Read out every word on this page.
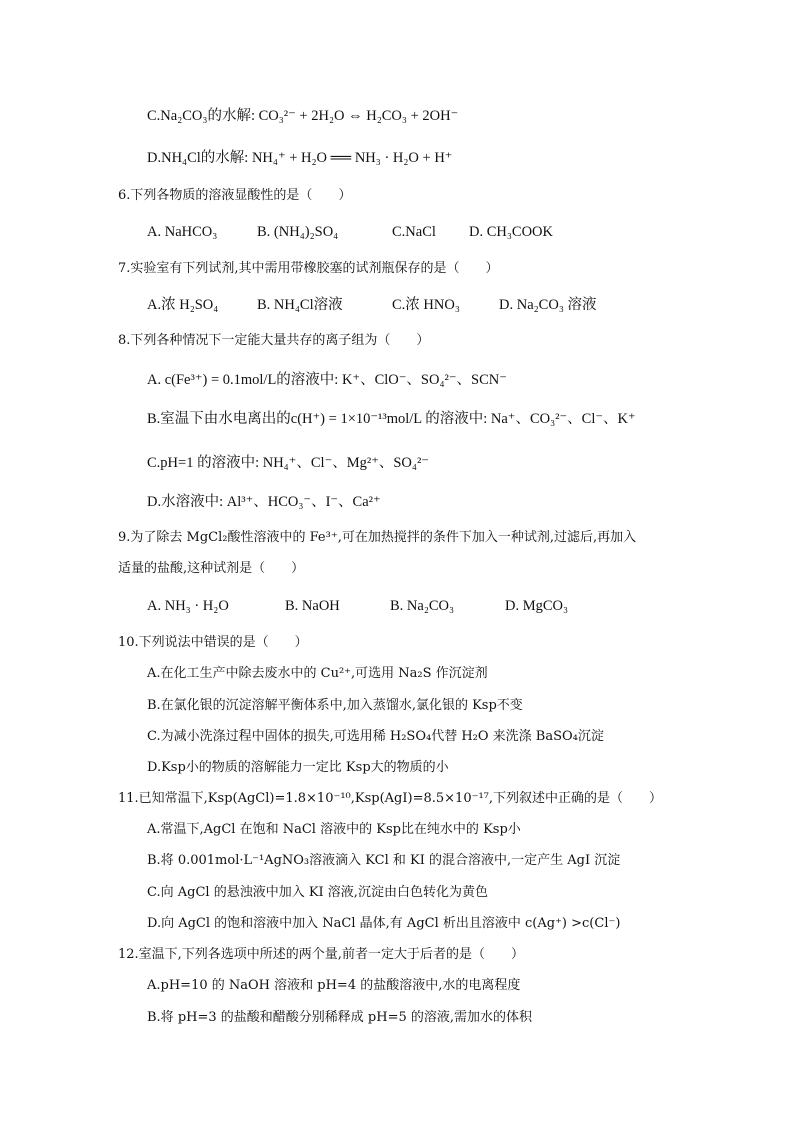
C.Na₂CO₃的水解: CO₃²⁻ + 2H₂O ⇔ H₂CO₃ + 2OH⁻
D.NH₄Cl的水解: NH₄⁺ + H₂O ══ NH₃ · H₂O + H⁺
6.下列各物质的溶液显酸性的是（　　）
A. NaHCO₃	B. (NH₄)₂SO₄	C.NaCl D. CH₃COOK
7.实验室有下列试剂,其中需用带橡胶塞的试剂瓶保存的是（　　）
A.浓 H₂SO₄	B. NH₄Cl溶液	C.浓 HNO₃	D. Na₂CO₃ 溶液
8.下列各种情况下一定能大量共存的离子组为（　　）
A. c(Fe³⁺) = 0.1mol/L的溶液中: K⁺、ClO⁻、SO₄²⁻、SCN⁻
B.室温下由水电离出的c(H⁺) = 1×10⁻¹³mol/L 的溶液中: Na⁺、CO₃²⁻、Cl⁻、K⁺
C.pH=1 的溶液中: NH₄⁺、Cl⁻、Mg²⁺、SO₄²⁻
D.水溶液中: Al³⁺、HCO₃⁻、I⁻、Ca²⁺
9.为了除去 MgCl₂酸性溶液中的 Fe³⁺,可在加热搅拌的条件下加入一种试剂,过滤后,再加入
适量的盐酸,这种试剂是（　　）
A. NH₃ · H₂O	B. NaOH	B. Na₂CO₃	D. MgCO₃
10.下列说法中错误的是（　　）
A.在化工生产中除去废水中的 Cu²⁺,可选用 Na₂S 作沉淀剂
B.在氯化银的沉淀溶解平衡体系中,加入蒸馏水,氯化银的 Ksp不变
C.为减小洗涤过程中固体的损失,可选用稀 H₂SO₄代替 H₂O 来洗涤 BaSO₄沉淀
D.Ksp小的物质的溶解能力一定比 Ksp大的物质的小
11.已知常温下,Ksp(AgCl)=1.8×10⁻¹⁰,Ksp(AgI)=8.5×10⁻¹⁷,下列叙述中正确的是（　　）
A.常温下,AgCl 在饱和 NaCl 溶液中的 Ksp比在纯水中的 Ksp小
B.将 0.001mol·L⁻¹AgNO₃溶液滴入 KCl 和 KI 的混合溶液中,一定产生 AgI 沉淀
C.向 AgCl 的悬浊液中加入 KI 溶液,沉淀由白色转化为黄色
D.向 AgCl 的饱和溶液中加入 NaCl 晶体,有 AgCl 析出且溶液中 c(Ag⁺) >c(Cl⁻)
12.室温下,下列各选项中所述的两个量,前者一定大于后者的是（　　）
A.pH=10 的 NaOH 溶液和 pH=4 的盐酸溶液中,水的电离程度
B.将 pH=3 的盐酸和醋酸分别稀释成 pH=5 的溶液,需加水的体积
